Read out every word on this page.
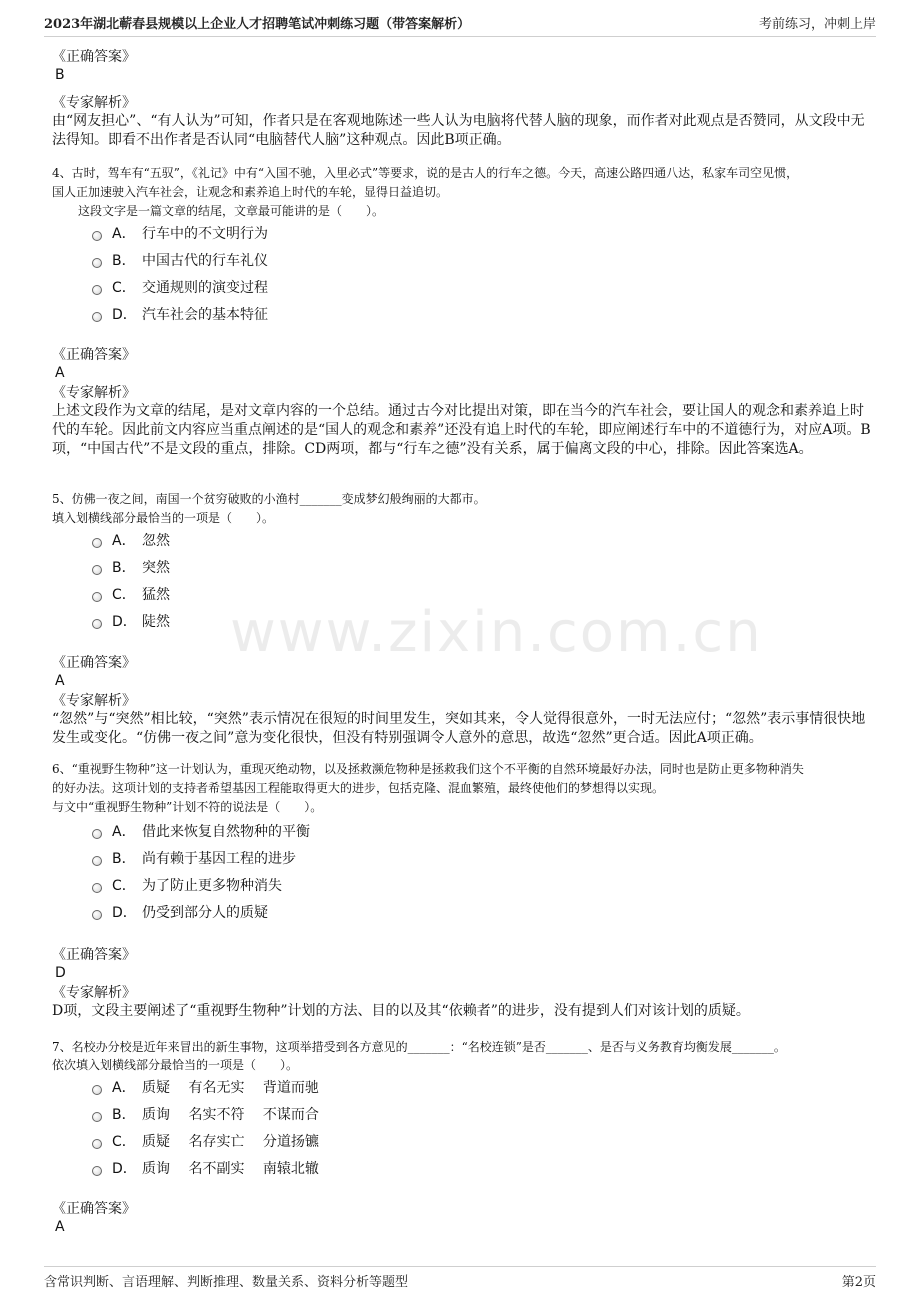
2023年湖北蕲春县规模以上企业人才招聘笔试冲刺练习题（带答案解析）	考前练习，冲刺上岸
www.zixin.com.cn
《正确答案》
B
《专家解析》
由“网友担心”、“有人认为”可知，作者只是在客观地陈述一些人认为电脑将代替人脑的现象，而作者对此观点是否赞同，从文段中无法得知。即看不出作者是否认同“电脑替代人脑”这种观点。因此B项正确。
4、古时，驾车有“五驭”，《礼记》中有“入国不驰，入里必式”等要求，说的是古人的行车之德。今天，高速公路四通八达，私家车司空见惯，
国人正加速驶入汽车社会，让观念和素养追上时代的车轮，显得日益追切。
这段文字是一篇文章的结尾，文章最可能讲的是（　　）。
A． 行车中的不文明行为
B． 中国古代的行车礼仪
C． 交通规则的演变过程
D． 汽车社会的基本特征
《正确答案》
A
《专家解析》
上述文段作为文章的结尾，是对文章内容的一个总结。通过古今对比提出对策，即在当今的汽车社会，要让国人的观念和素养追上时代的车轮。因此前文内容应当重点阐述的是“国人的观念和素养”还没有追上时代的车轮，即应阐述行车中的不道德行为，对应A项。B项，“中国古代”不是文段的重点，排除。CD两项，都与“行车之德”没有关系，属于偏离文段的中心，排除。因此答案选A。
5、仿佛一夜之间，南国一个贫穷破败的小渔村_______变成梦幻般绚丽的大都市。
填入划横线部分最恰当的一项是（　　）。
A． 忽然
B． 突然
C． 猛然
D． 陡然
《正确答案》
A
《专家解析》
“忽然”与“突然”相比较，“突然”表示情况在很短的时间里发生，突如其来，令人觉得很意外，一时无法应付；“忽然”表示事情很快地发生或变化。“仿佛一夜之间”意为变化很快，但没有特别强调令人意外的意思，故选“忽然”更合适。因此A项正确。
6、“重视野生物种”这一计划认为，重现灭绝动物，以及拯救濒危物种是拯救我们这个不平衡的自然环境最好办法，同时也是防止更多物种消失
的好办法。这项计划的支持者希望基因工程能取得更大的进步，包括克隆、混血繁殖，最终使他们的梦想得以实现。
与文中“重视野生物种”计划不符的说法是（　　）。
A． 借此来恢复自然物种的平衡
B． 尚有赖于基因工程的进步
C． 为了防止更多物种消失
D． 仍受到部分人的质疑
《正确答案》
D
《专家解析》
D项，文段主要阐述了“重视野生物种”计划的方法、目的以及其“依赖者”的进步，没有提到人们对该计划的质疑。
7、名校办分校是近年来冒出的新生事物，这项举措受到各方意见的_______：“名校连锁”是否_______、是否与义务教育均衡发展_______。
依次填入划横线部分最恰当的一项是（　　）。
A． 质疑　 有名无实　 背道而驰
B． 质询　 名实不符　 不谋而合
C． 质疑　 名存实亡　 分道扬镳
D． 质询　 名不副实　 南辕北辙
《正确答案》
A
含常识判断、言语理解、判断推理、数量关系、资料分析等题型	第2页
